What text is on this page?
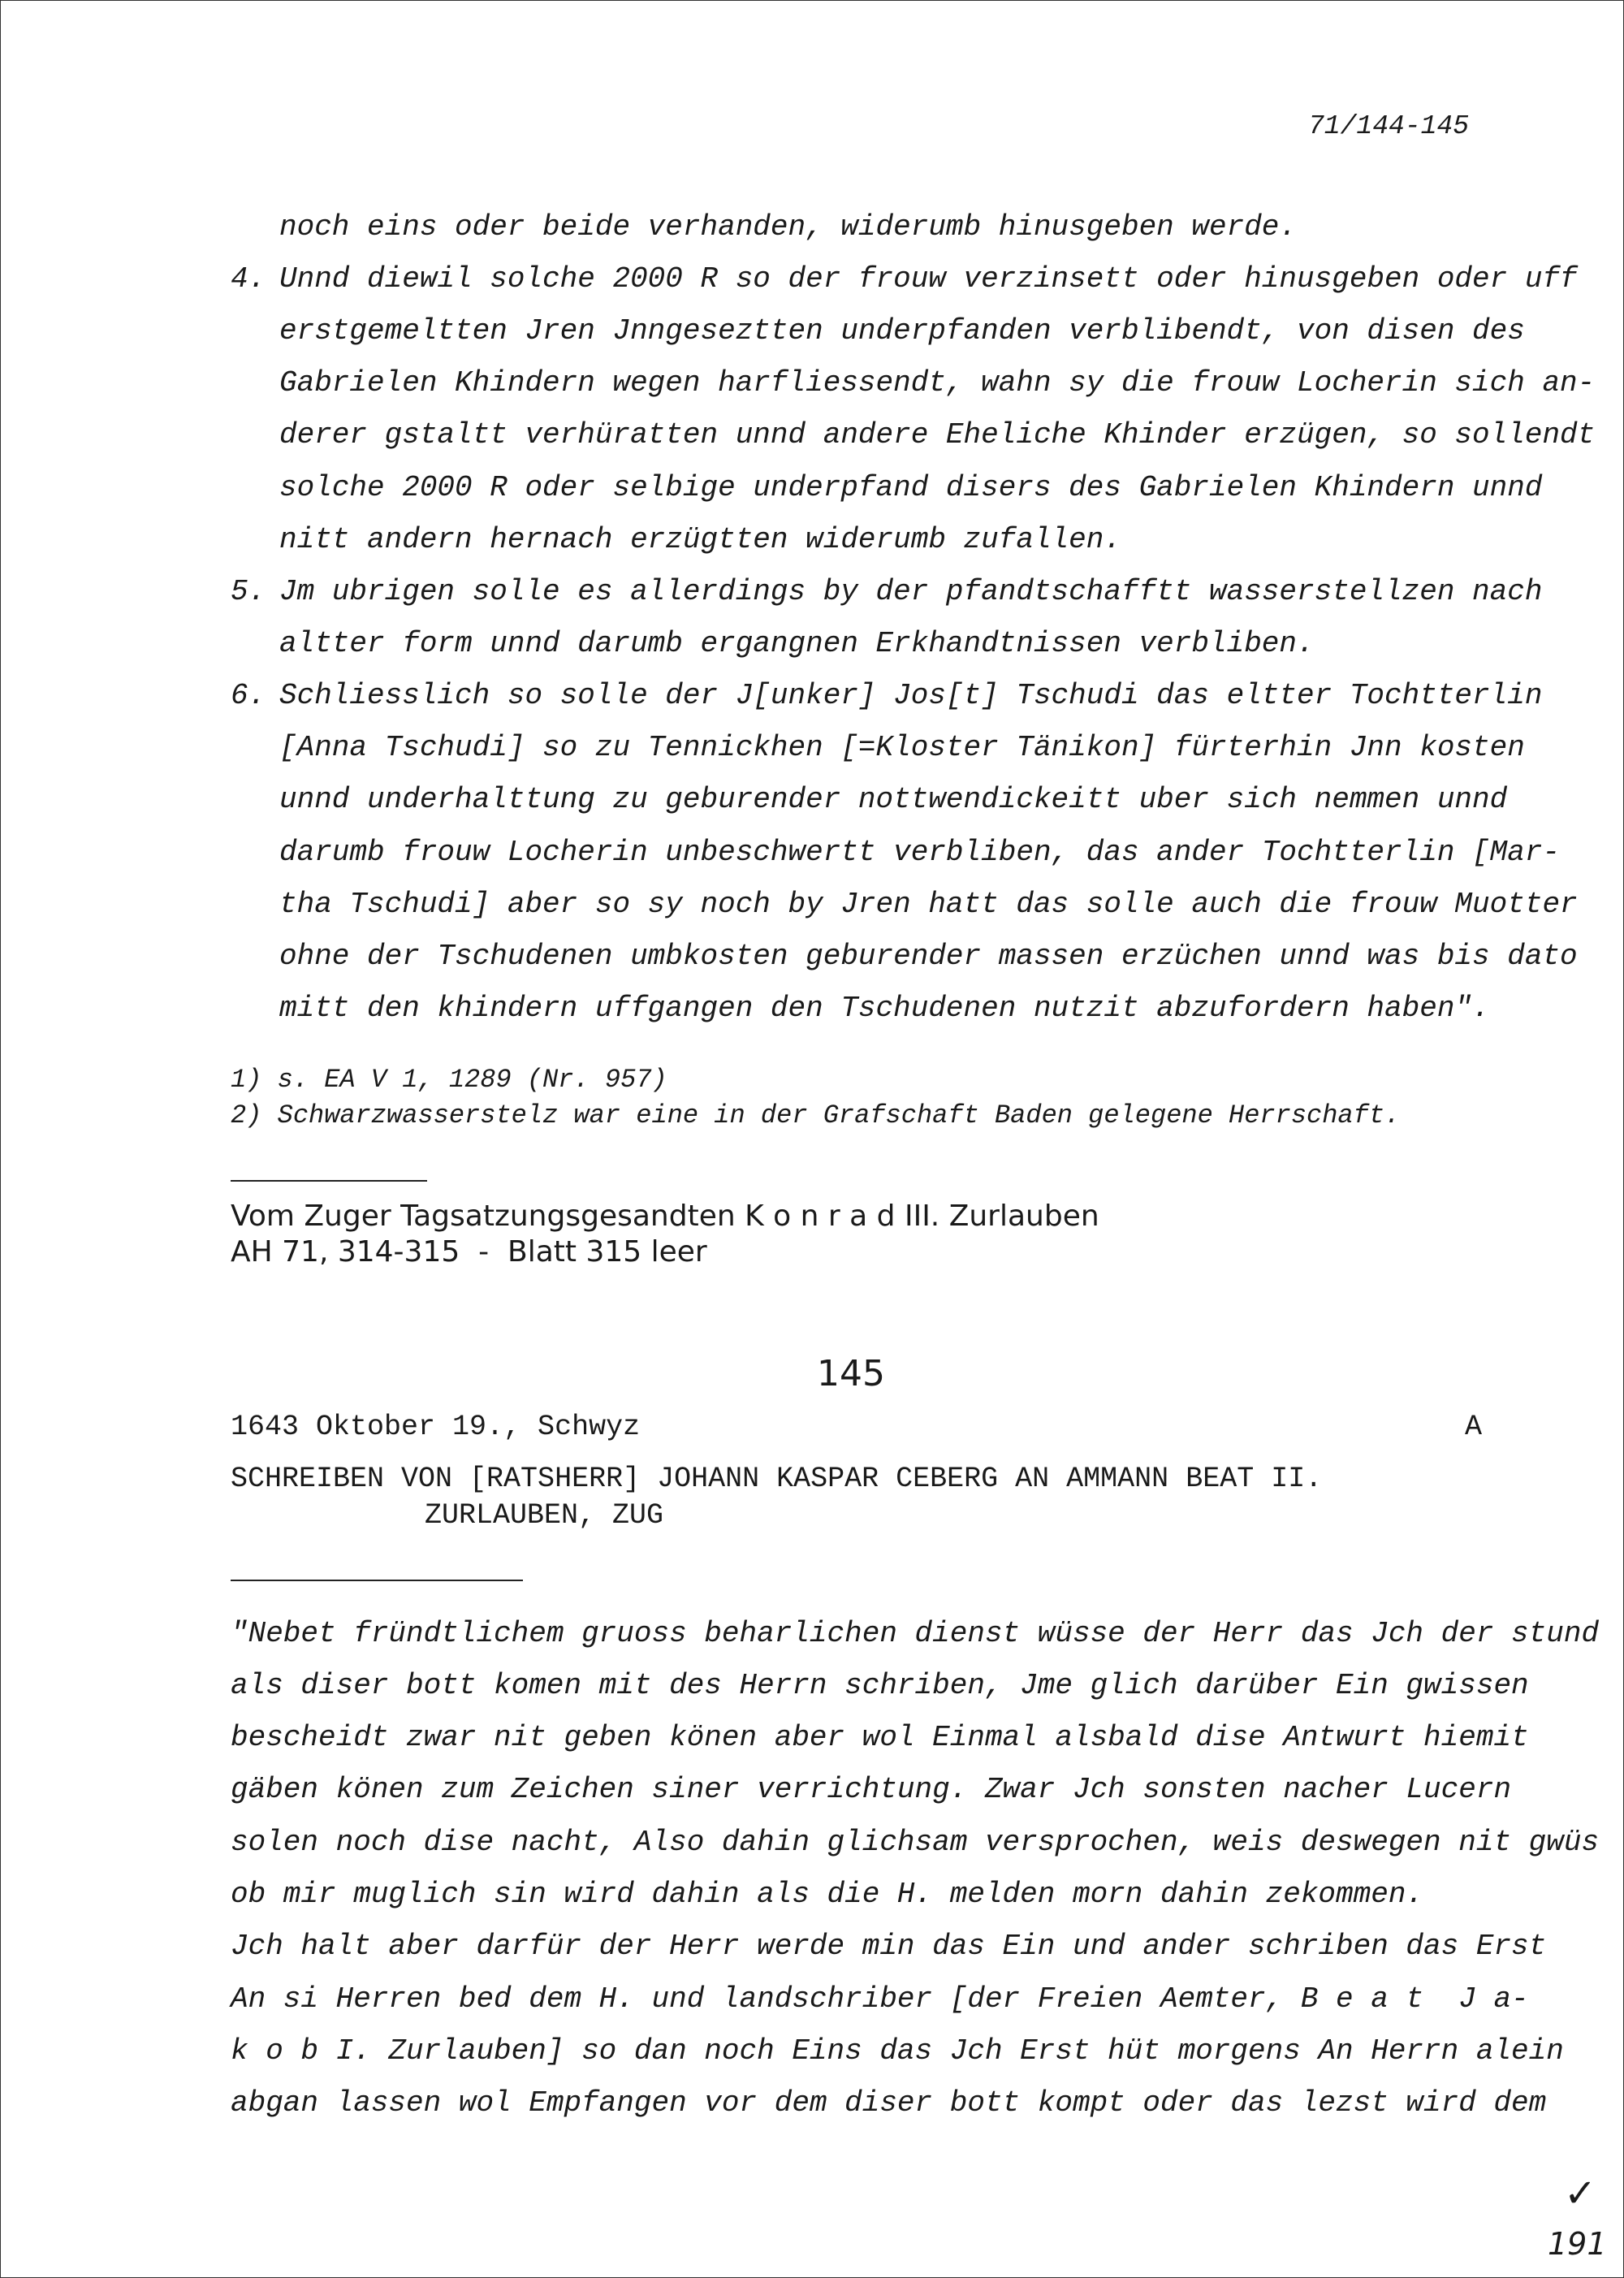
71/144-145
noch eins oder beide verhanden, widerumb hinusgeben werde.
4. Unnd diewil solche 2000 R so der frouw verzinsett oder hinusgeben oder uff
erstgemeltten Jren Jnngeseztten underpfanden verblibendt, von disen des
Gabrielen Khindern wegen harfliessendt, wahn sy die frouw Locherin sich an-
derer gstaltt verhüratten unnd andere Eheliche Khinder erzügen, so sollendt
solche 2000 R oder selbige underpfand disers des Gabrielen Khindern unnd
nitt andern hernach erzügtten widerumb zufallen.
5. Jm ubrigen solle es allerdings by der pfandtschafftt wasserstellzen nach
altter form unnd darumb ergangnen Erkhandtnissen verbliben.
6. Schliesslich so solle der J[unker] Jos[t] Tschudi das eltter Tochtterlin
[Anna Tschudi] so zu Tennickhen [=Kloster Tänikon] fürterhin Jnn kosten
unnd underhalttung zu geburender nottwendickeitt uber sich nemmen unnd
darumb frouw Locherin unbeschwertt verbliben, das ander Tochtterlin [Mar-
tha Tschudi] aber so sy noch by Jren hatt das solle auch die frouw Muotter
ohne der Tschudenen umbkosten geburender massen erzüchen unnd was bis dato
mitt den khindern uffgangen den Tschudenen nutzit abzufordern haben".
1) s. EA V 1, 1289 (Nr. 957)
2) Schwarzwasserstelz war eine in der Grafschaft Baden gelegene Herrschaft.
Vom Zuger Tagsatzungsgesandten K o n r a d III. Zurlauben
AH 71, 314-315  -  Blatt 315 leer
145
1643 Oktober 19., Schwyz	A
SCHREIBEN VON [RATSHERR] JOHANN KASPAR CEBERG AN AMMANN BEAT II.
ZURLAUBEN, ZUG
"Nebet fründtlichem gruoss beharlichen dienst wüsse der Herr das Jch der stund
als diser bott komen mit des Herrn schriben, Jme glich darüber Ein gwissen
bescheidt zwar nit geben könen aber wol Einmal alsbald dise Antwurt hiemit
gäben könen zum Zeichen siner verrichtung. Zwar Jch sonsten nacher Lucern
solen noch dise nacht, Also dahin glichsam versprochen, weis deswegen nit gwüs
ob mir muglich sin wird dahin als die H. melden morn dahin zekommen.
Jch halt aber darfür der Herr werde min das Ein und ander schriben das Erst
An si Herren bed dem H. und landschriber [der Freien Aemter, B e a t  J a-
k o b I. Zurlauben] so dan noch Eins das Jch Erst hüt morgens An Herrn alein
abgan lassen wol Empfangen vor dem diser bott kompt oder das lezst wird dem
✓
191
